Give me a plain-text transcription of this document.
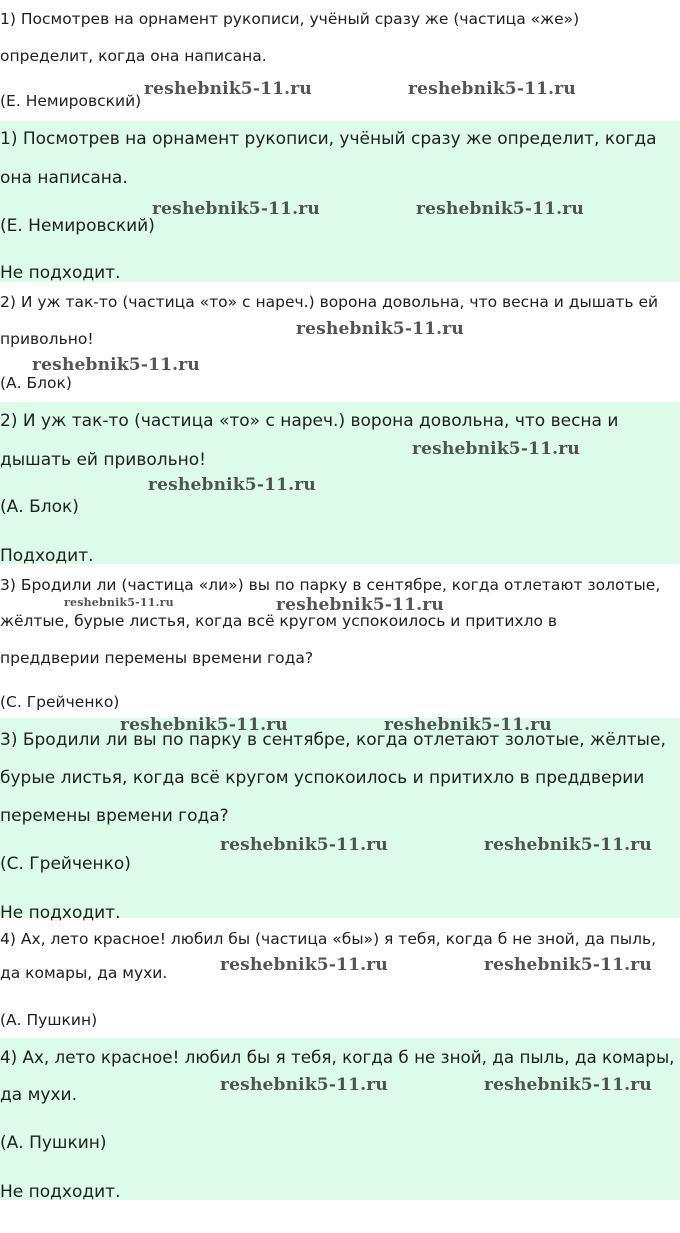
1) Посмотрев на орнамент рукописи, учёный сразу же (частица «же»)
определит, когда она написана.
(Е. Немировский)
1) Посмотрев на орнамент рукописи, учёный сразу же определит, когда
она написана.
(Е. Немировский)
Не подходит.
2) И уж так-то (частица «то» с нареч.) ворона довольна, что весна и дышать ей
привольно!
(А. Блок)
2) И уж так-то (частица «то» с нареч.) ворона довольна, что весна и
дышать ей привольно!
(А. Блок)
Подходит.
3) Бродили ли (частица «ли») вы по парку в сентябре, когда отлетают золотые,
жёлтые, бурые листья, когда всё кругом успокоилось и притихло в
преддверии перемены времени года?
(С. Грейченко)
3) Бродили ли вы по парку в сентябре, когда отлетают золотые, жёлтые,
бурые листья, когда всё кругом успокоилось и притихло в преддверии
перемены времени года?
(С. Грейченко)
Не подходит.
4) Ах, лето красное! любил бы (частица «бы») я тебя, когда б не зной, да пыль,
да комары, да мухи.
(А. Пушкин)
4) Ах, лето красное! любил бы я тебя, когда б не зной, да пыль, да комары,
да мухи.
(А. Пушкин)
Не подходит.
reshebnik5-11.ru	reshebnik5-11.ru
reshebnik5-11.ru	reshebnik5-11.ru
reshebnik5-11.ru
reshebnik5-11.ru
reshebnik5-11.ru
reshebnik5-11.ru
reshebnik5-11.ru	reshebnik5-11.ru
reshebnik5-11.ru	reshebnik5-11.ru
reshebnik5-11.ru	reshebnik5-11.ru
reshebnik5-11.ru	reshebnik5-11.ru
reshebnik5-11.ru	reshebnik5-11.ru
